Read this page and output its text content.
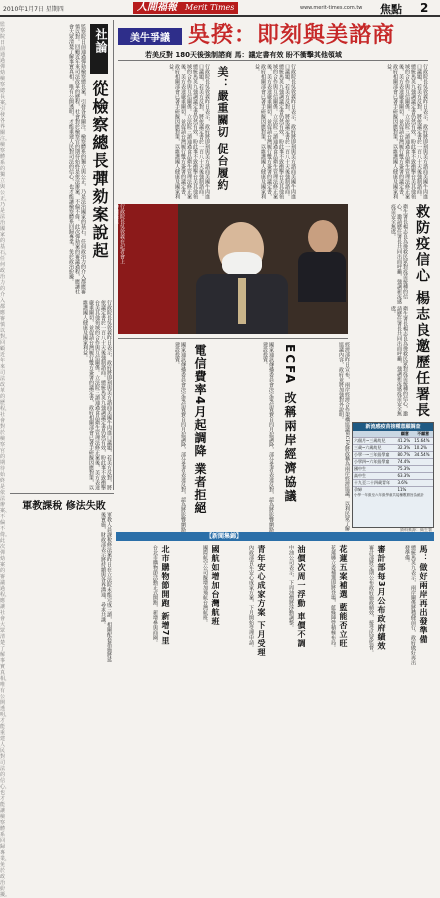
2010年1月7日 星期四	人間福報 Merit Times	www.merit-times.com.tw 焦點 2
監察院日前通過彈劾檢察總長案，引發各界關注。檢察體系的獨立與公正，乃是法治國家的基石，任何政治力的介入都應審慎以對。回顧近年來司法改革的歷程，社會對於檢察官的期待始終是依法辦案、不偏不倚。此次彈劾案的審議過程，應讓社會大眾清楚了解事實真相，唯有公開透明，才能重建人民對司法的信心，也才能讓檢察體系回歸專業，免於政治紛擾。
社論
從檢察總長彈劾案說起
監察院日前通過彈劾檢察總長案，引發各界關注。檢察體系的獨立與公正，乃是法治國家的基石，任何政治力的介入都應審慎以對。回顧近年來司法改革的歷程，社會對於檢察官的期待始終是依法辦案、不偏不倚。此次彈劾案的審議過程，應讓社會大眾清楚了解事實真相，唯有公開透明，才能重建人民對司法的信心，也才能讓檢察體系回歸專業，免於政治紛擾。
行政院長吳敦義昨日表示，政府將即刻與美方諮商美國牛肉進口議題，若美方反對，將依議定書於一百八十天後強制諮商。總統馬英九強調議定書仍然有效，盼此事不致衝擊台美其他領域的合作與互信關係。立法院三讀通過食品衛生管理法修正案後，美方表達嚴重關切，並促請台灣履行雙方簽署的議定書，政府相關部會已著手研擬因應對策，以維護國人健康及國家利益。
軍教課稅 修法失敗
軍教人員課稅修法案昨日在立法院未能完成三讀，相關配套措施將延後實施，財政部表示將持續與各界溝通，尋求共識。
美牛爭議 吳揆：即刻與美諮商
若美反對 180天後強制諮商 馬：議定書有效 盼不衝擊其他領域
行政院長吳敦義昨日表示，政府將即刻與美方諮商美國牛肉進口議題，若美方反對，將依議定書於一百八十天後強制諮商。總統馬英九強調議定書仍然有效，盼此事不致衝擊台美其他領域的合作與互信關係。立法院三讀通過食品衛生管理法修正案後，美方表達嚴重關切，並促請台灣履行雙方簽署的議定書，政府相關部會已著手研擬因應對策，以維護國人健康及國家利益。	美：嚴重關切 促台履約	行政院長吳敦義昨日表示，政府將即刻與美方諮商美國牛肉進口議題，若美方反對，將依議定書於一百八十天後強制諮商。總統馬英九強調議定書仍然有效，盼此事不致衝擊台美其他領域的合作與互信關係。立法院三讀通過食品衛生管理法修正案後，美方表達嚴重關切，並促請台灣履行雙方簽署的議定書，政府相關部會已著手研擬因應對策，以維護國人健康及國家利益。	行政院長吳敦義昨日表示，政府將即刻與美方諮商美國牛肉進口議題，若美方反對，將依議定書於一百八十天後強制諮商。總統馬英九強調議定書仍然有效，盼此事不致衝擊台美其他領域的合作與互信關係。立法院三讀通過食品衛生管理法修正案後，美方表達嚴重關切，並促請台灣履行雙方簽署的議定書，政府相關部會已著手研擬因應對策，以維護國人健康及國家利益。
行政院長吳敦義在記者會上神情凝重	衛生署長楊志良為挽救民眾對疫苗接種的信心，邀請歷任署長共同出面呼籲，強調新流感疫苗安全無虞。	救防疫信心 楊志良邀歷任署長
衛生署長楊志良為挽救民眾對疫苗接種的信心，邀請歷任署長共同出面呼籲，強調新流感疫苗安全無虞。
國家通訊傳播委員會決定電信資費自四月起調降，部分業者表達反對，認為將影響網路建設投資。	電信費率4月起調降 業者拒絕	國家通訊傳播委員會決定電信資費自四月起調降，部分業者表達反對，認為將影響網路建設投資。	ECFA 改稱兩岸經濟協議	經濟部昨日宣布，兩岸經濟合作架構協議ECFA將改稱為兩岸經濟協議，以利民眾了解協議內容，政府並將加強對外說明。
新流感疫苗接種意願調查
	願意	不願意
六個月~三歲幼兒	41.2%	15.64%
三歲~六歲幼兒	32.3%	10.2%
小學一~三年級學童	80.7%	34.54%
小學四~六年級學童	74.4%	
國中生	75.3%	
高中生	63.3%	
十九至二十四歲青年	3.6%	
孕婦	11%	
小學一年級至六年級學童共接種數據皆為統計
資料來源：衛生署
【新聞集錦】
馬：做好兩岸再出發準備
總統馬英九表示，兩岸關係將穩健前行，政府做好再出發準備。
審計部每3月公布政府績效
審計部將定期公布政府施政績效，接受民眾監督。
花蓮五案補選 藍能否立旺
花蓮縣立委補選即將登場，藍綠陣營積極布局。
油價次周一浮動 車價不調
中油公司表示，下周油價將浮動調整。
青年安心成家方案 下月受理
內政部青年安心成家方案，下月開始受理申請。
國航如增加台灣航班
國際航空公司擬增加飛航台灣航班。
北市購物節開跑 新增7里
台北市購物節活動正式開跑，新增參與商圈。
